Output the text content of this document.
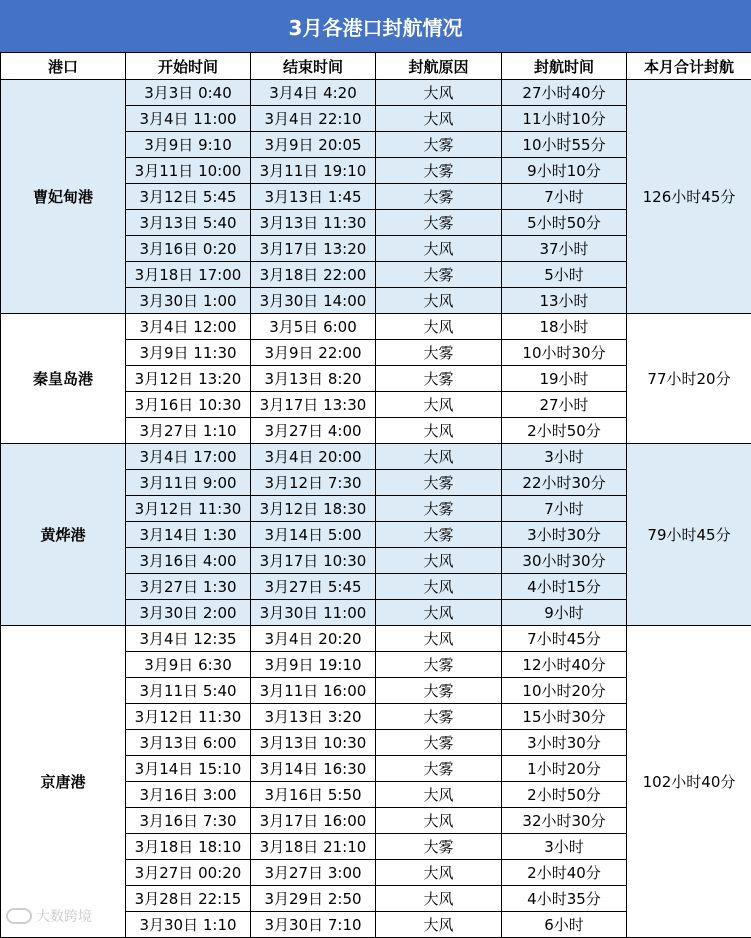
3月各港口封航情况
港口	开始时间	结束时间	封航原因	封航时间	本月合计封航
曹妃甸港	3月3日 0:40	3月4日 4:20	大风	27小时40分	126小时45分
	3月4日 11:00	3月4日 22:10	大风	11小时10分	
	3月9日 9:10	3月9日 20:05	大雾	10小时55分	
	3月11日 10:00	3月11日 19:10	大雾	9小时10分	
	3月12日 5:45	3月13日 1:45	大雾	7小时	
	3月13日 5:40	3月13日 11:30	大雾	5小时50分	
	3月16日 0:20	3月17日 13:20	大风	37小时	
	3月18日 17:00	3月18日 22:00	大雾	5小时	
	3月30日 1:00	3月30日 14:00	大风	13小时	
秦皇岛港	3月4日 12:00	3月5日 6:00	大风	18小时	77小时20分
	3月9日 11:30	3月9日 22:00	大雾	10小时30分	
	3月12日 13:20	3月13日 8:20	大雾	19小时	
	3月16日 10:30	3月17日 13:30	大风	27小时	
	3月27日 1:10	3月27日 4:00	大风	2小时50分	
黄烨港	3月4日 17:00	3月4日 20:00	大风	3小时	79小时45分
	3月11日 9:00	3月12日 7:30	大雾	22小时30分	
	3月12日 11:30	3月12日 18:30	大雾	7小时	
	3月14日 1:30	3月14日 5:00	大雾	3小时30分	
	3月16日 4:00	3月17日 10:30	大风	30小时30分	
	3月27日 1:30	3月27日 5:45	大风	4小时15分	
	3月30日 2:00	3月30日 11:00	大风	9小时	
京唐港	3月4日 12:35	3月4日 20:20	大风	7小时45分	102小时40分
	3月9日 6:30	3月9日 19:10	大雾	12小时40分	
	3月11日 5:40	3月11日 16:00	大雾	10小时20分	
	3月12日 11:30	3月13日 3:20	大雾	15小时30分	
	3月13日 6:00	3月13日 10:30	大雾	3小时30分	
	3月14日 15:10	3月14日 16:30	大雾	1小时20分	
	3月16日 3:00	3月16日 5:50	大风	2小时50分	
	3月16日 7:30	3月17日 16:00	大风	32小时30分	
	3月18日 18:10	3月18日 21:10	大雾	3小时	
	3月27日 00:20	3月27日 3:00	大风	2小时40分	
	3月28日 22:15	3月29日 2:50	大风	4小时35分	
	3月30日 1:10	3月30日 7:10	大风	6小时	
大数跨境
